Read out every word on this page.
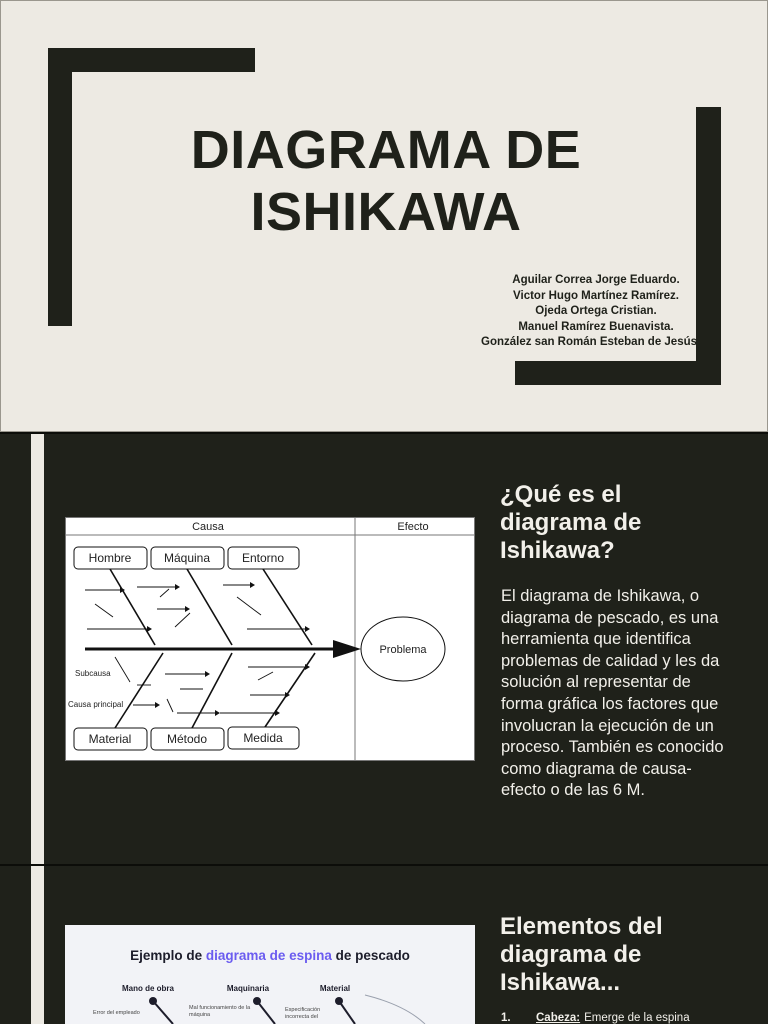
DIAGRAMA DE
ISHIKAWA
Aguilar Correa Jorge Eduardo.
Victor Hugo Martínez Ramírez.
Ojeda Ortega Cristian.
Manuel Ramírez Buenavista.
González san Román Esteban de Jesús
Causa	Efecto
Problema
Hombre	Máquina	Entorno
Material	Método	Medida
Subcausa
Causa principal
¿Qué es el diagrama de Ishikawa?

El diagrama de Ishikawa, o diagrama de pescado, es una herramienta que identifica problemas de calidad y les da solución al representar de forma gráfica los factores que involucran la ejecución de un proceso. También es conocido como diagrama de causa-efecto o de las 6 M.

Ejemplo de diagrama de espina de pescado
Mano de obra	Maquinaria	Material
Error del empleado
Mal funcionamiento de la máquina
Especificación incorrecta del
Elementos del diagrama de Ishikawa...
1. Cabeza: Emerge de la espina
